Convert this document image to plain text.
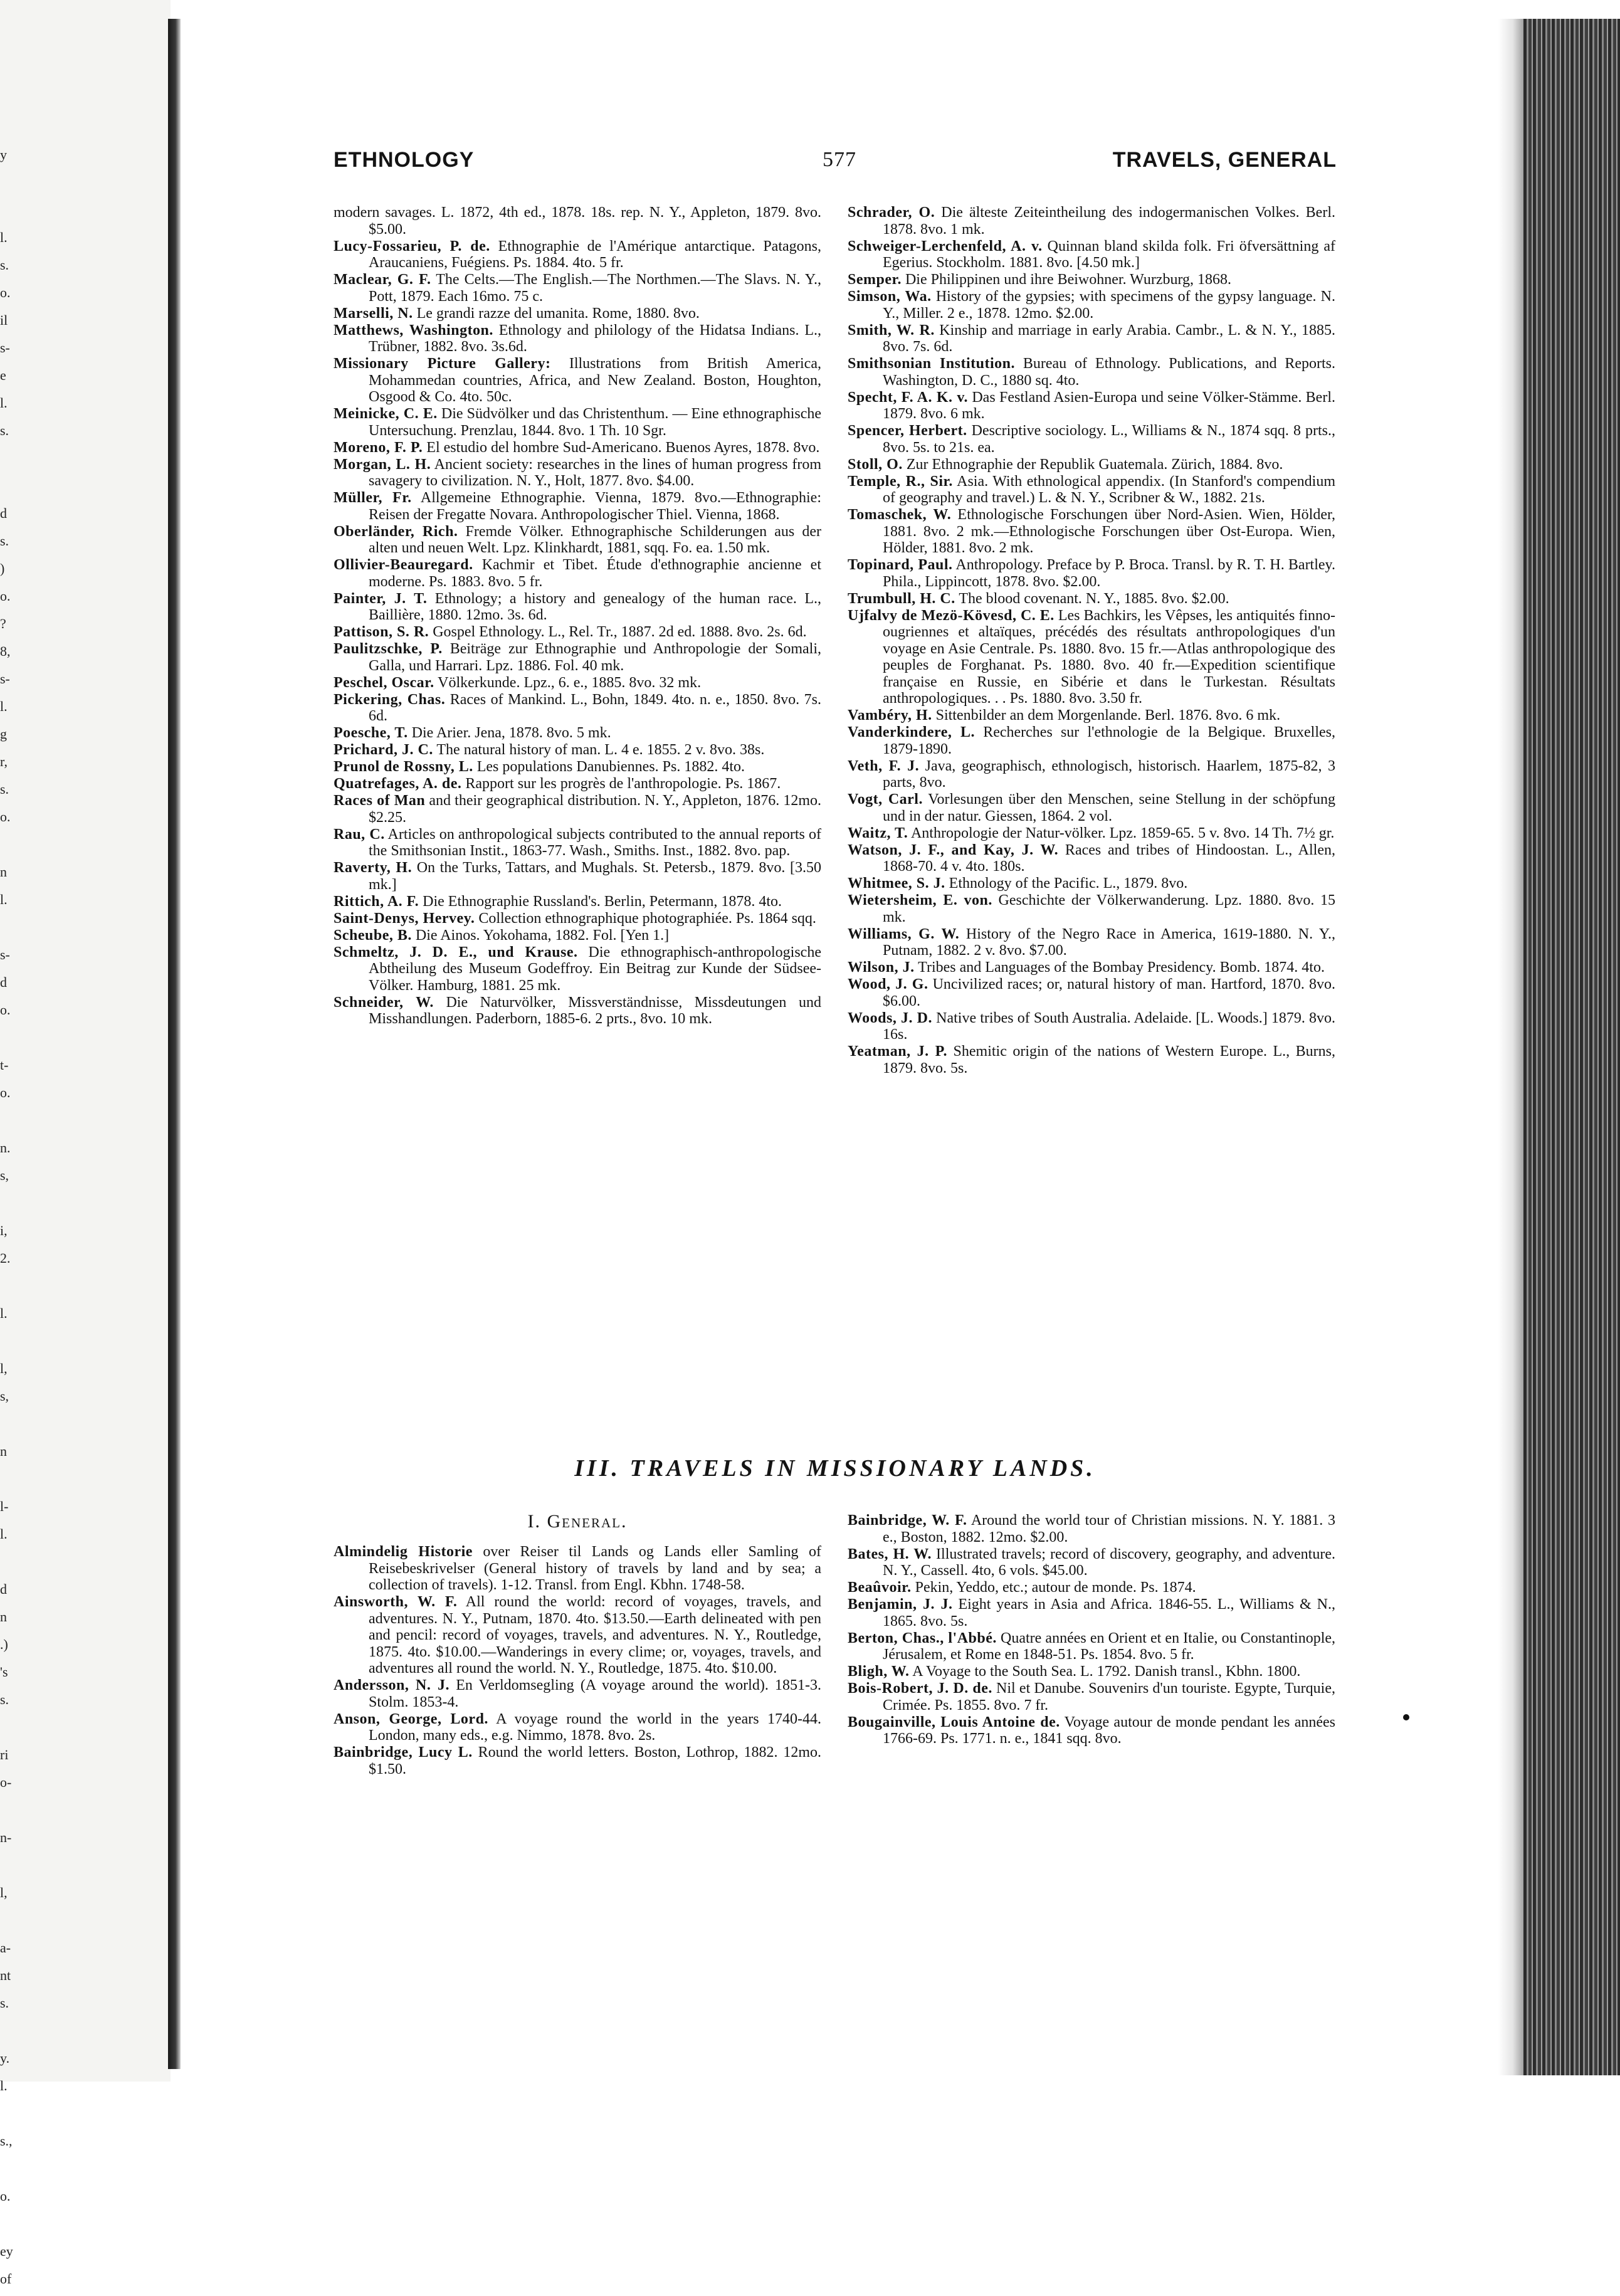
y
l.
s.
o.
il
s-
e
l.
s.
d
s.
)
o.
?
8,
s-
l.
g
r,
s.
o.
n
l.
s-
d
o.
t-
o.
n.
s,
i,
2.
l.
l,
s,
n
l-
l.
d
n
.)
's
s.
ri
o-
n-
l,
a-
nt
s.
y.
l.
s.,
o.
ey
of
ETHNOLOGY	577	TRAVELS, GENERAL
modern savages. L. 1872, 4th ed., 1878. 18s. rep. N. Y., Appleton, 1879. 8vo. $5.00.
Lucy-Fossarieu, P. de. Ethnographie de l'Amérique antarctique. Patagons, Araucaniens, Fuégiens. Ps. 1884. 4to. 5 fr.
Maclear, G. F. The Celts.—The English.—The Northmen.—The Slavs. N. Y., Pott, 1879. Each 16mo. 75 c.
Marselli, N. Le grandi razze del umanita. Rome, 1880. 8vo.
Matthews, Washington. Ethnology and philology of the Hidatsa Indians. L., Trübner, 1882. 8vo. 3s.6d.
Missionary Picture Gallery: Illustrations from British America, Mohammedan countries, Africa, and New Zealand. Boston, Houghton, Osgood & Co. 4to. 50c.
Meinicke, C. E. Die Südvölker und das Christenthum. — Eine ethnographische Untersuchung. Prenzlau, 1844. 8vo. 1 Th. 10 Sgr.
Moreno, F. P. El estudio del hombre Sud-Americano. Buenos Ayres, 1878. 8vo.
Morgan, L. H. Ancient society: researches in the lines of human progress from savagery to civilization. N. Y., Holt, 1877. 8vo. $4.00.
Müller, Fr. Allgemeine Ethnographie. Vienna, 1879. 8vo.—Ethnographie: Reisen der Fregatte Novara. Anthropologischer Thiel. Vienna, 1868.
Oberländer, Rich. Fremde Völker. Ethnographische Schilderungen aus der alten und neuen Welt. Lpz. Klinkhardt, 1881, sqq. Fo. ea. 1.50 mk.
Ollivier-Beauregard. Kachmir et Tibet. Étude d'ethnographie ancienne et moderne. Ps. 1883. 8vo. 5 fr.
Painter, J. T. Ethnology; a history and genealogy of the human race. L., Baillière, 1880. 12mo. 3s. 6d.
Pattison, S. R. Gospel Ethnology. L., Rel. Tr., 1887. 2d ed. 1888. 8vo. 2s. 6d.
Paulitzschke, P. Beiträge zur Ethnographie und Anthropologie der Somali, Galla, und Harrari. Lpz. 1886. Fol. 40 mk.
Peschel, Oscar. Völkerkunde. Lpz., 6. e., 1885. 8vo. 32 mk.
Pickering, Chas. Races of Mankind. L., Bohn, 1849. 4to. n. e., 1850. 8vo. 7s. 6d.
Poesche, T. Die Arier. Jena, 1878. 8vo. 5 mk.
Prichard, J. C. The natural history of man. L. 4 e. 1855. 2 v. 8vo. 38s.
Prunol de Rossny, L. Les populations Danubiennes. Ps. 1882. 4to.
Quatrefages, A. de. Rapport sur les progrès de l'anthropologie. Ps. 1867.
Races of Man and their geographical distribution. N. Y., Appleton, 1876. 12mo. $2.25.
Rau, C. Articles on anthropological subjects contributed to the annual reports of the Smithsonian Instit., 1863-77. Wash., Smiths. Inst., 1882. 8vo. pap.
Raverty, H. On the Turks, Tattars, and Mughals. St. Petersb., 1879. 8vo. [3.50 mk.]
Rittich, A. F. Die Ethnographie Russland's. Berlin, Petermann, 1878. 4to.
Saint-Denys, Hervey. Collection ethnographique photographiée. Ps. 1864 sqq.
Scheube, B. Die Ainos. Yokohama, 1882. Fol. [Yen 1.]
Schmeltz, J. D. E., und Krause. Die ethnographisch-anthropologische Abtheilung des Museum Godeffroy. Ein Beitrag zur Kunde der Südsee-Völker. Hamburg, 1881. 25 mk.
Schneider, W. Die Naturvölker, Missverständnisse, Missdeutungen und Misshandlungen. Paderborn, 1885-6. 2 prts., 8vo. 10 mk.
Schrader, O. Die älteste Zeiteintheilung des indogermanischen Volkes. Berl. 1878. 8vo. 1 mk.
Schweiger-Lerchenfeld, A. v. Quinnan bland skilda folk. Fri öfversättning af Egerius. Stockholm. 1881. 8vo. [4.50 mk.]
Semper. Die Philippinen und ihre Beiwohner. Wurzburg, 1868.
Simson, Wa. History of the gypsies; with specimens of the gypsy language. N. Y., Miller. 2 e., 1878. 12mo. $2.00.
Smith, W. R. Kinship and marriage in early Arabia. Cambr., L. & N. Y., 1885. 8vo. 7s. 6d.
Smithsonian Institution. Bureau of Ethnology. Publications, and Reports. Washington, D. C., 1880 sq. 4to.
Specht, F. A. K. v. Das Festland Asien-Europa und seine Völker-Stämme. Berl. 1879. 8vo. 6 mk.
Spencer, Herbert. Descriptive sociology. L., Williams & N., 1874 sqq. 8 prts., 8vo. 5s. to 21s. ea.
Stoll, O. Zur Ethnographie der Republik Guatemala. Zürich, 1884. 8vo.
Temple, R., Sir. Asia. With ethnological appendix. (In Stanford's compendium of geography and travel.) L. & N. Y., Scribner & W., 1882. 21s.
Tomaschek, W. Ethnologische Forschungen über Nord-Asien. Wien, Hölder, 1881. 8vo. 2 mk.—Ethnologische Forschungen über Ost-Europa. Wien, Hölder, 1881. 8vo. 2 mk.
Topinard, Paul. Anthropology. Preface by P. Broca. Transl. by R. T. H. Bartley. Phila., Lippincott, 1878. 8vo. $2.00.
Trumbull, H. C. The blood covenant. N. Y., 1885. 8vo. $2.00.
Ujfalvy de Mezö-Kövesd, C. E. Les Bachkirs, les Vêpses, les antiquités finno-ougriennes et altaïques, précédés des résultats anthropologiques d'un voyage en Asie Centrale. Ps. 1880. 8vo. 15 fr.—Atlas anthropologique des peuples de Forghanat. Ps. 1880. 8vo. 40 fr.—Expedition scientifique française en Russie, en Sibérie et dans le Turkestan. Résultats anthropologiques. . . Ps. 1880. 8vo. 3.50 fr.
Vambéry, H. Sittenbilder an dem Morgenlande. Berl. 1876. 8vo. 6 mk.
Vanderkindere, L. Recherches sur l'ethnologie de la Belgique. Bruxelles, 1879-1890.
Veth, F. J. Java, geographisch, ethnologisch, historisch. Haarlem, 1875-82, 3 parts, 8vo.
Vogt, Carl. Vorlesungen über den Menschen, seine Stellung in der schöpfung und in der natur. Giessen, 1864. 2 vol.
Waitz, T. Anthropologie der Natur-völker. Lpz. 1859-65. 5 v. 8vo. 14 Th. 7½ gr.
Watson, J. F., and Kay, J. W. Races and tribes of Hindoostan. L., Allen, 1868-70. 4 v. 4to. 180s.
Whitmee, S. J. Ethnology of the Pacific. L., 1879. 8vo.
Wietersheim, E. von. Geschichte der Völkerwanderung. Lpz. 1880. 8vo. 15 mk.
Williams, G. W. History of the Negro Race in America, 1619-1880. N. Y., Putnam, 1882. 2 v. 8vo. $7.00.
Wilson, J. Tribes and Languages of the Bombay Presidency. Bomb. 1874. 4to.
Wood, J. G. Uncivilized races; or, natural history of man. Hartford, 1870. 8vo. $6.00.
Woods, J. D. Native tribes of South Australia. Adelaide. [L. Woods.] 1879. 8vo. 16s.
Yeatman, J. P. Shemitic origin of the nations of Western Europe. L., Burns, 1879. 8vo. 5s.
III. TRAVELS IN MISSIONARY LANDS.
I. General.
Almindelig Historie over Reiser til Lands og Lands eller Samling of Reisebeskrivelser (General history of travels by land and by sea; a collection of travels). 1-12. Transl. from Engl. Kbhn. 1748-58.
Ainsworth, W. F. All round the world: record of voyages, travels, and adventures. N. Y., Putnam, 1870. 4to. $13.50.—Earth delineated with pen and pencil: record of voyages, travels, and adventures. N. Y., Routledge, 1875. 4to. $10.00.—Wanderings in every clime; or, voyages, travels, and adventures all round the world. N. Y., Routledge, 1875. 4to. $10.00.
Andersson, N. J. En Verldomsegling (A voyage around the world). 1851-3. Stolm. 1853-4.
Anson, George, Lord. A voyage round the world in the years 1740-44. London, many eds., e.g. Nimmo, 1878. 8vo. 2s.
Bainbridge, Lucy L. Round the world letters. Boston, Lothrop, 1882. 12mo. $1.50.
Bainbridge, W. F. Around the world tour of Christian missions. N. Y. 1881. 3 e., Boston, 1882. 12mo. $2.00.
Bates, H. W. Illustrated travels; record of discovery, geography, and adventure. N. Y., Cassell. 4to, 6 vols. $45.00.
Beaûvoir. Pekin, Yeddo, etc.; autour de monde. Ps. 1874.
Benjamin, J. J. Eight years in Asia and Africa. 1846-55. L., Williams & N., 1865. 8vo. 5s.
Berton, Chas., l'Abbé. Quatre années en Orient et en Italie, ou Constantinople, Jérusalem, et Rome en 1848-51. Ps. 1854. 8vo. 5 fr.
Bligh, W. A Voyage to the South Sea. L. 1792. Danish transl., Kbhn. 1800.
Bois-Robert, J. D. de. Nil et Danube. Souvenirs d'un touriste. Egypte, Turquie, Crimée. Ps. 1855. 8vo. 7 fr.
Bougainville, Louis Antoine de. Voyage autour de monde pendant les années 1766-69. Ps. 1771. n. e., 1841 sqq. 8vo.
